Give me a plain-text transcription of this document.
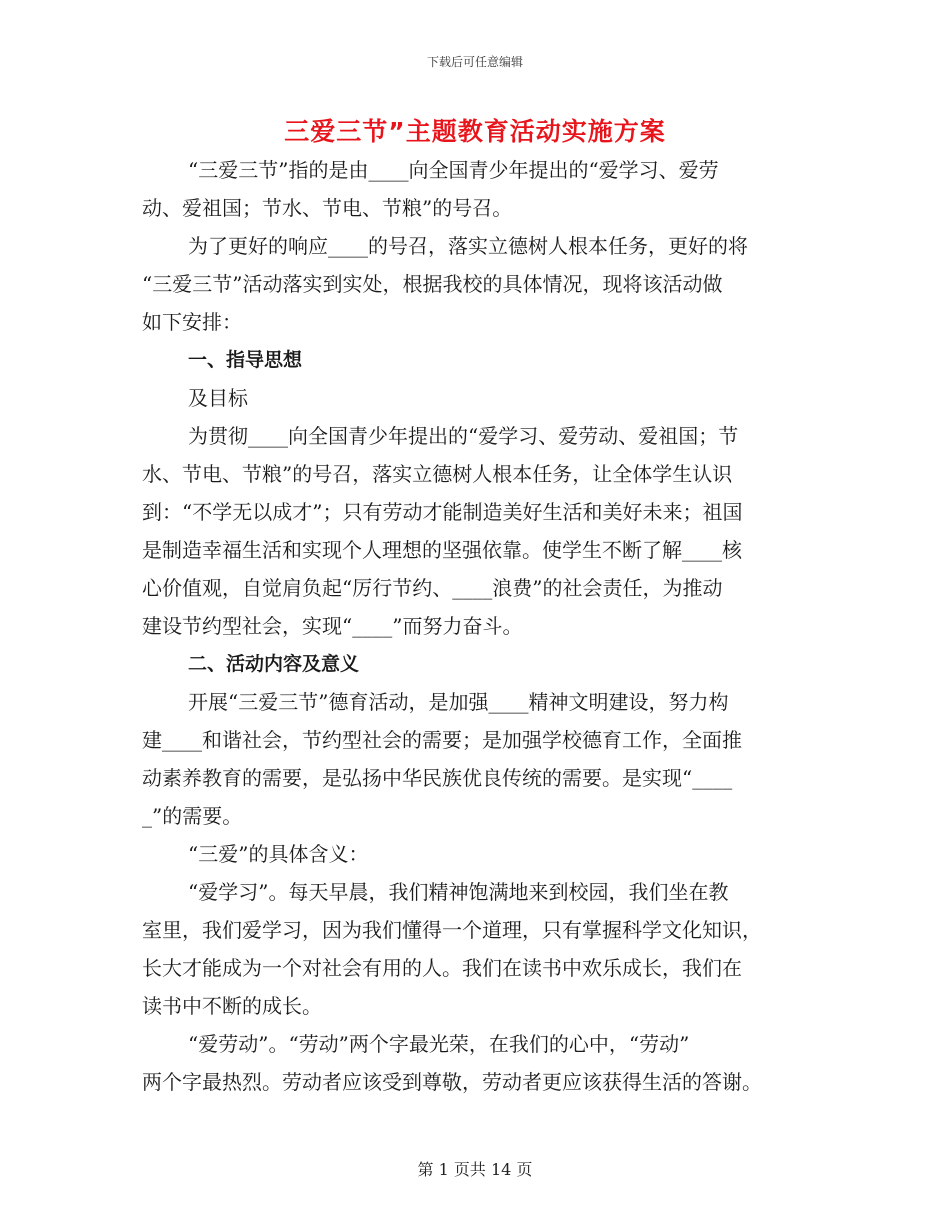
下载后可任意编辑
三爱三节”主题教育活动实施方案

“三爱三节”指的是由____向全国青少年提出的“爱学习、爱劳

动、爱祖国；节水、节电、节粮”的号召。

为了更好的响应____的号召，落实立德树人根本任务，更好的将

“三爱三节”活动落实到实处，根据我校的具体情况，现将该活动做

如下安排：

一、指导思想

及目标

为贯彻____向全国青少年提出的“爱学习、爱劳动、爱祖国；节

水、节电、节粮”的号召，落实立德树人根本任务，让全体学生认识

到：“不学无以成才”；只有劳动才能制造美好生活和美好未来；祖国

是制造幸福生活和实现个人理想的坚强依靠。使学生不断了解____核

心价值观，自觉肩负起“厉行节约、____浪费”的社会责任，为推动

建设节约型社会，实现“____”而努力奋斗。

二、活动内容及意义

开展“三爱三节”德育活动，是加强____精神文明建设，努力构

建____和谐社会，节约型社会的需要；是加强学校德育工作，全面推

动素养教育的需要，是弘扬中华民族优良传统的需要。是实现“____

_”的需要。

“三爱”的具体含义：

“爱学习”。每天早晨，我们精神饱满地来到校园，我们坐在教

室里，我们爱学习，因为我们懂得一个道理，只有掌握科学文化知识，

长大才能成为一个对社会有用的人。我们在读书中欢乐成长，我们在

读书中不断的成长。

“爱劳动”。“劳动”两个字最光荣，在我们的心中，“劳动”

两个字最热烈。劳动者应该受到尊敬，劳动者更应该获得生活的答谢。

第 1 页共 14 页
